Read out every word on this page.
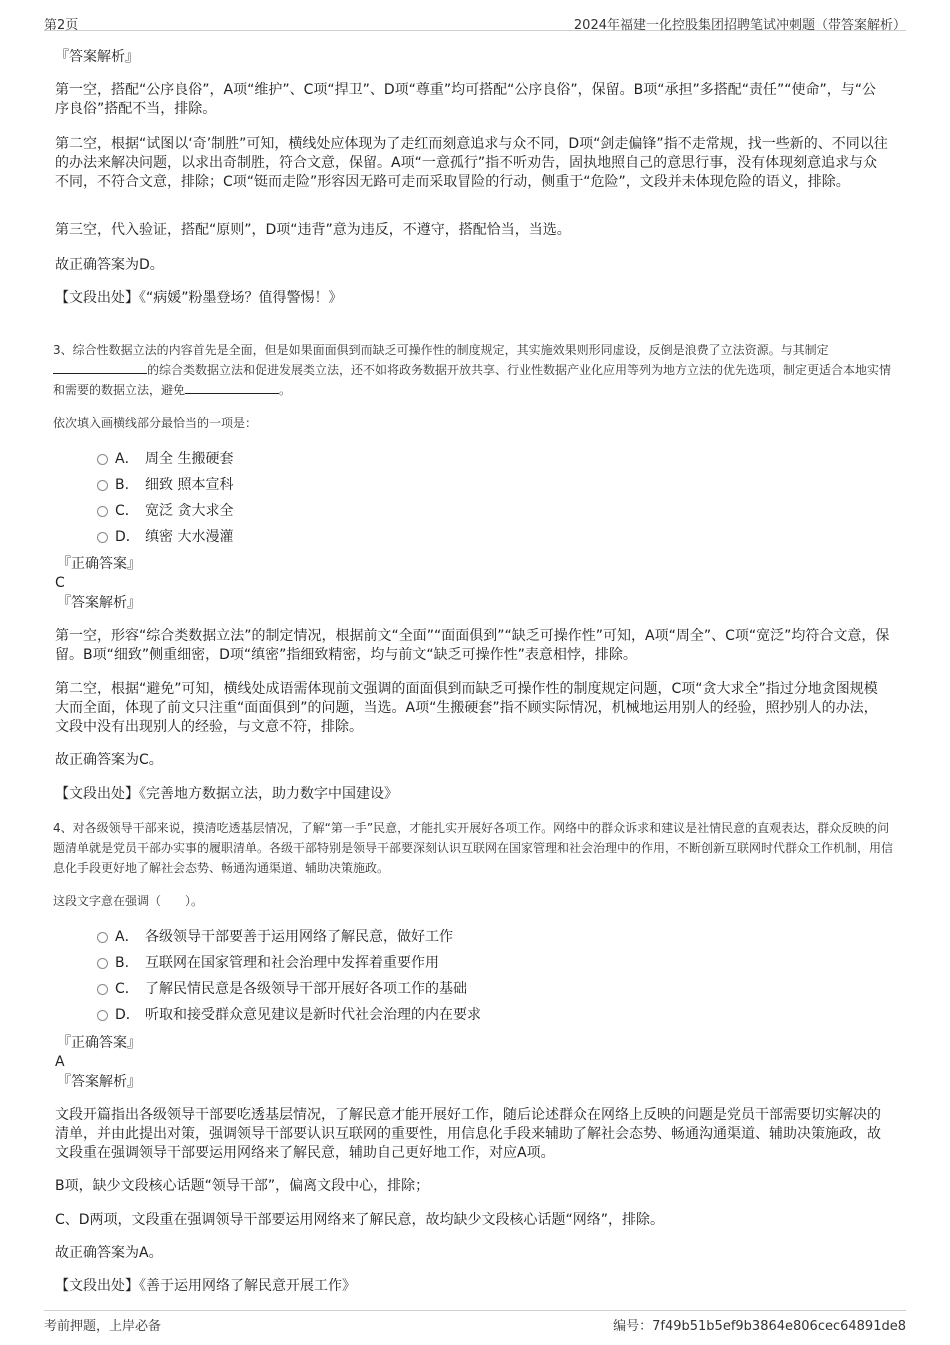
第2页	2024年福建一化控股集团招聘笔试冲刺题（带答案解析）
『答案解析』

第一空，搭配“公序良俗”，A项“维护”、C项“捍卫”、D项“尊重”均可搭配“公序良俗”，保留。B项“承担”多搭配“责任”“使命”，与“公序良俗”搭配不当，排除。

第二空，根据“试图以‘奇’制胜”可知，横线处应体现为了走红而刻意追求与众不同，D项“剑走偏锋”指不走常规，找一些新的、不同以往的办法来解决问题，以求出奇制胜，符合文意，保留。A项“一意孤行”指不听劝告，固执地照自己的意思行事，没有体现刻意追求与众不同，不符合文意，排除；C项“铤而走险”形容因无路可走而采取冒险的行动，侧重于“危险”，文段并未体现危险的语义，排除。

第三空，代入验证，搭配“原则”，D项“违背”意为违反，不遵守，搭配恰当，当选。

故正确答案为D。

【文段出处】《“病媛”粉墨登场？值得警惕！》

3、综合性数据立法的内容首先是全面，但是如果面面俱到而缺乏可操作性的制度规定，其实施效果则形同虚设，反倒是浪费了立法资源。与其制定的综合类数据立法和促进发展类立法，还不如将政务数据开放共享、行业性数据产业化应用等列为地方立法的优先选项，制定更适合本地实情和需要的数据立法，避免	。

依次填入画横线部分最恰当的一项是：

A． 周全 生搬硬套
B. 细致 照本宣科
C． 宽泛 贪大求全
D． 缜密 大水漫灌
『正确答案』
C
『答案解析』

第一空，形容“综合类数据立法”的制定情况，根据前文“全面”“面面俱到”“缺乏可操作性”可知，A项“周全”、C项“宽泛”均符合文意，保留。B项“细致”侧重细密，D项“缜密”指细致精密，均与前文“缺乏可操作性”表意相悖，排除。

第二空，根据“避免”可知，横线处成语需体现前文强调的面面俱到而缺乏可操作性的制度规定问题，C项“贪大求全”指过分地贪图规模大而全面，体现了前文只注重“面面俱到”的问题，当选。A项“生搬硬套”指不顾实际情况，机械地运用别人的经验，照抄别人的办法，文段中没有出现别人的经验，与文意不符，排除。

故正确答案为C。

【文段出处】《完善地方数据立法，助力数字中国建设》

4、对各级领导干部来说，摸清吃透基层情况，了解“第一手”民意，才能扎实开展好各项工作。网络中的群众诉求和建议是社情民意的直观表达，群众反映的问题清单就是党员干部办实事的履职清单。各级干部特别是领导干部要深刻认识互联网在国家管理和社会治理中的作用，不断创新互联网时代群众工作机制，用信息化手段更好地了解社会态势、畅通沟通渠道、辅助决策施政。

这段文字意在强调（　　）。

A． 各级领导干部要善于运用网络了解民意，做好工作
B. 互联网在国家管理和社会治理中发挥着重要作用
C． 了解民情民意是各级领导干部开展好各项工作的基础
D． 听取和接受群众意见建议是新时代社会治理的内在要求
『正确答案』
A
『答案解析』

文段开篇指出各级领导干部要吃透基层情况，了解民意才能开展好工作，随后论述群众在网络上反映的问题是党员干部需要切实解决的清单，并由此提出对策，强调领导干部要认识互联网的重要性，用信息化手段来辅助了解社会态势、畅通沟通渠道、辅助决策施政，故文段重在强调领导干部要运用网络来了解民意，辅助自己更好地工作，对应A项。

B项，缺少文段核心话题“领导干部”，偏离文段中心，排除；

C、D两项，文段重在强调领导干部要运用网络来了解民意，故均缺少文段核心话题“网络”，排除。

故正确答案为A。

【文段出处】《善于运用网络了解民意开展工作》

考前押题，上岸必备	编号：7f49b51b5ef9b3864e806cec64891de8
